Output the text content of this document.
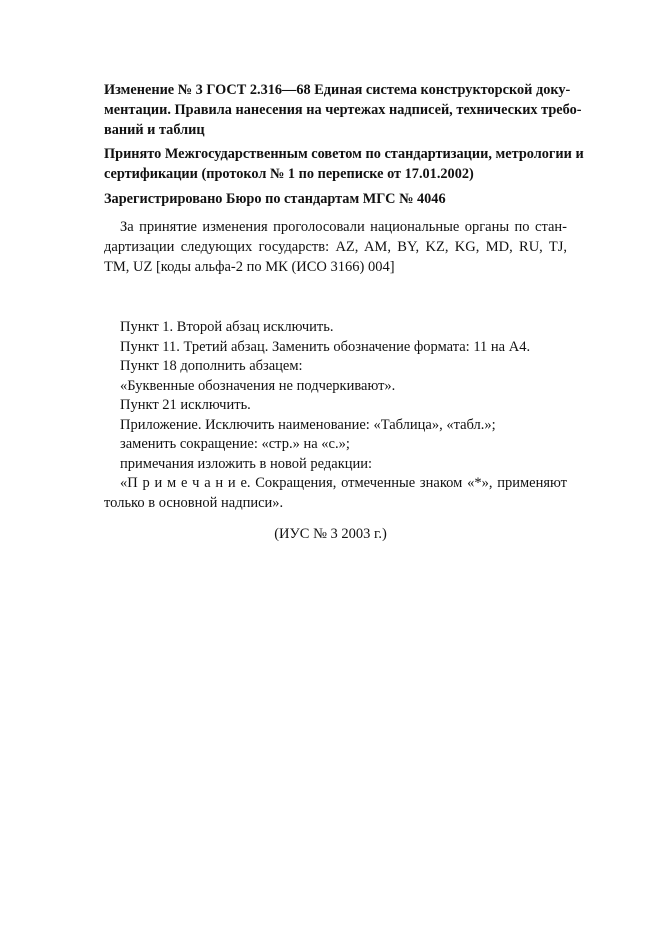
Изменение № 3 ГОСТ 2.316—68 Единая система конструкторской доку-
ментации. Правила нанесения на чертежах надписей, технических требо-
ваний и таблиц
Принято Межгосударственным советом по стандартизации, метрологии и
сертификации (протокол № 1 по переписке от 17.01.2002)
Зарегистрировано Бюро по стандартам МГС № 4046
За принятие изменения проголосовали национальные органы по стан-
дартизации следующих государств: AZ, AM, BY, KZ, KG, MD, RU, TJ,
TM, UZ [коды альфа-2 по МК (ИСО 3166) 004]
Пункт 1. Второй абзац исключить.
Пункт 11. Третий абзац. Заменить обозначение формата: 11 на А4.
Пункт 18 дополнить абзацем:
«Буквенные обозначения не подчеркивают».
Пункт 21 исключить.
Приложение. Исключить наименование: «Таблица», «табл.»;
заменить сокращение: «стр.» на «с.»;
примечания изложить в новой редакции:
«П р и м е ч а н и е. Сокращения, отмеченные знаком «*», применяют
только в основной надписи».
(ИУС № 3 2003 г.)
